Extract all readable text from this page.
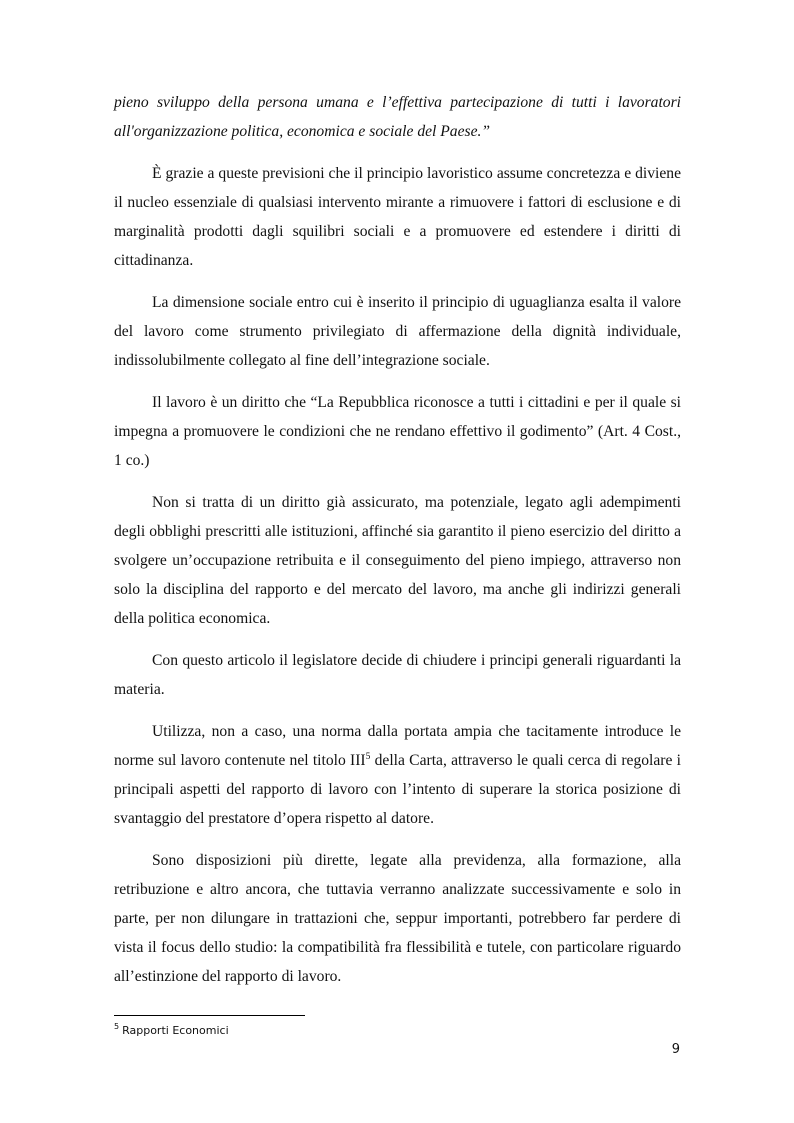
pieno sviluppo della persona umana e l’effettiva partecipazione di tutti i lavoratori all'organizzazione politica, economica e sociale del Paese.”

È grazie a queste previsioni che il principio lavoristico assume concretezza e diviene il nucleo essenziale di qualsiasi intervento mirante a rimuovere i fattori di esclusione e di marginalità prodotti dagli squilibri sociali e a promuovere ed estendere i diritti di cittadinanza.

La dimensione sociale entro cui è inserito il principio di uguaglianza esalta il valore del lavoro come strumento privilegiato di affermazione della dignità individuale, indissolubilmente collegato al fine dell’integrazione sociale.

Il lavoro è un diritto che “La Repubblica riconosce a tutti i cittadini e per il quale si impegna a promuovere le condizioni che ne rendano effettivo il godimento” (Art. 4 Cost., 1 co.)

Non si tratta di un diritto già assicurato, ma potenziale, legato agli adempimenti degli obblighi prescritti alle istituzioni, affinché sia garantito il pieno esercizio del diritto a svolgere un’occupazione retribuita e il conseguimento del pieno impiego, attraverso non solo la disciplina del rapporto e del mercato del lavoro, ma anche gli indirizzi generali della politica economica.

Con questo articolo il legislatore decide di chiudere i principi generali riguardanti la materia.

Utilizza, non a caso, una norma dalla portata ampia che tacitamente introduce le norme sul lavoro contenute nel titolo III$^5$ della Carta, attraverso le quali cerca di regolare i principali aspetti del rapporto di lavoro con l’intento di superare la storica posizione di svantaggio del prestatore d’opera rispetto al datore.

Sono disposizioni più dirette, legate alla previdenza, alla formazione, alla retribuzione e altro ancora, che tuttavia verranno analizzate successivamente e solo in parte, per non dilungare in trattazioni che, seppur importanti, potrebbero far perdere di vista il focus dello studio: la compatibilità fra flessibilità e tutele, con particolare riguardo all’estinzione del rapporto di lavoro.

$^5$ Rapporti Economici
9
